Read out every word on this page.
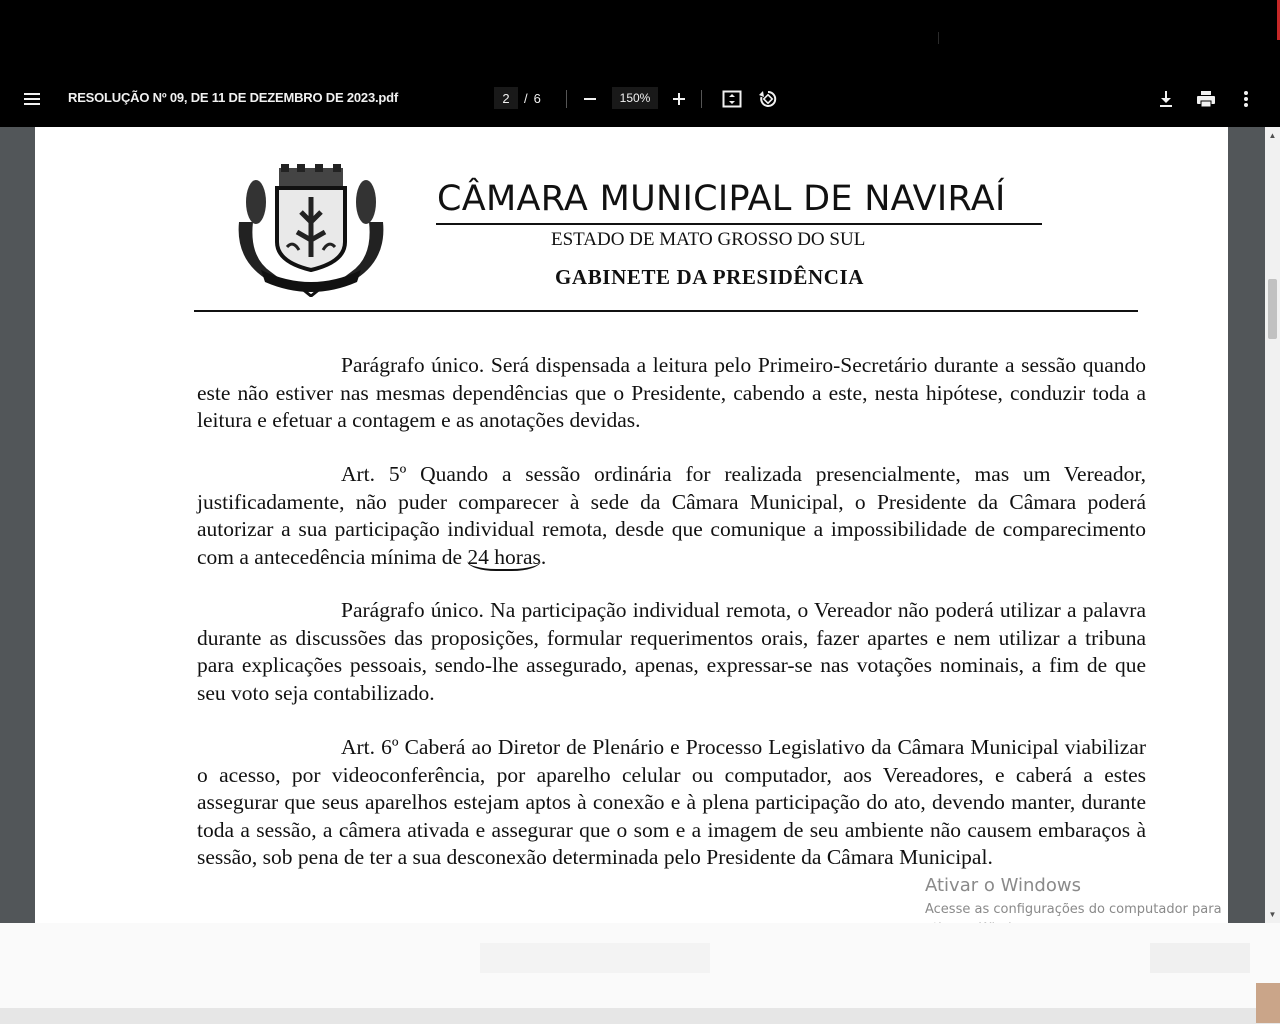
RESOLUÇÃO Nº 09, DE 11 DE DEZEMBRO DE 2023.pdf
2	/ 6
150%
CÂMARA MUNICIPAL DE NAVIRAÍ
ESTADO DE MATO GROSSO DO SUL
GABINETE DA PRESIDÊNCIA

Parágrafo único. Será dispensada a leitura pelo Primeiro-Secretário durante a sessão quando este não estiver nas mesmas dependências que o Presidente, cabendo a este, nesta hipótese, conduzir toda a leitura e efetuar a contagem e as anotações devidas.

Art. 5º Quando a sessão ordinária for realizada presencialmente, mas um Vereador, justificadamente, não puder comparecer à sede da Câmara Municipal, o Presidente da Câmara poderá autorizar a sua participação individual remota, desde que comunique a impossibilidade de comparecimento com a antecedência mínima de 24 horas.

Parágrafo único. Na participação individual remota, o Vereador não poderá utilizar a palavra durante as discussões das proposições, formular requerimentos orais, fazer apartes e nem utilizar a tribuna para explicações pessoais, sendo-lhe assegurado, apenas, expressar-se nas votações nominais, a fim de que seu voto seja contabilizado.

Art. 6º Caberá ao Diretor de Plenário e Processo Legislativo da Câmara Municipal viabilizar o acesso, por videoconferência, por aparelho celular ou computador, aos Vereadores, e caberá a estes assegurar que seus aparelhos estejam aptos à conexão e à plena participação do ato, devendo manter, durante toda a sessão, a câmera ativada e assegurar que o som e a imagem de seu ambiente não causem embaraços à sessão, sob pena de ter a sua desconexão determinada pelo Presidente da Câmara Municipal.

▲
▼
Ativar o Windows
Acesse as configurações do computador para
